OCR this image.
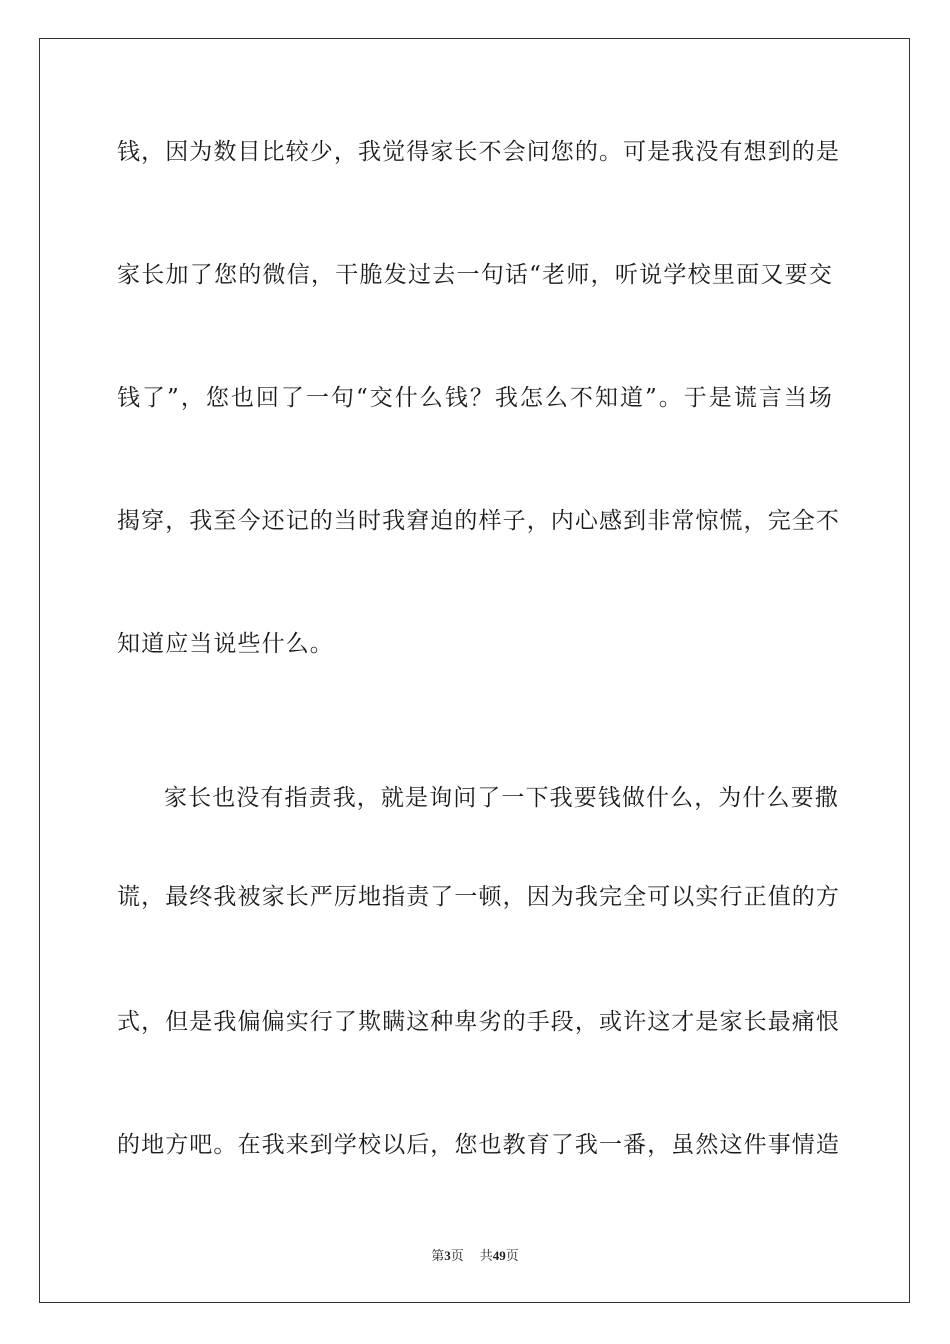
钱，因为数目比较少，我觉得家长不会问您的。可是我没有想到的是
家长加了您的微信，干脆发过去一句话“老师，听说学校里面又要交
钱了”，您也回了一句“交什么钱？我怎么不知道”。于是谎言当场
揭穿，我至今还记的当时我窘迫的样子，内心感到非常惊慌，完全不
知道应当说些什么。
家长也没有指责我，就是询问了一下我要钱做什么，为什么要撒
谎，最终我被家长严厉地指责了一顿，因为我完全可以实行正值的方
式，但是我偏偏实行了欺瞒这种卑劣的手段，或许这才是家长最痛恨
的地方吧。在我来到学校以后，您也教育了我一番，虽然这件事情造
第3页 共49页
